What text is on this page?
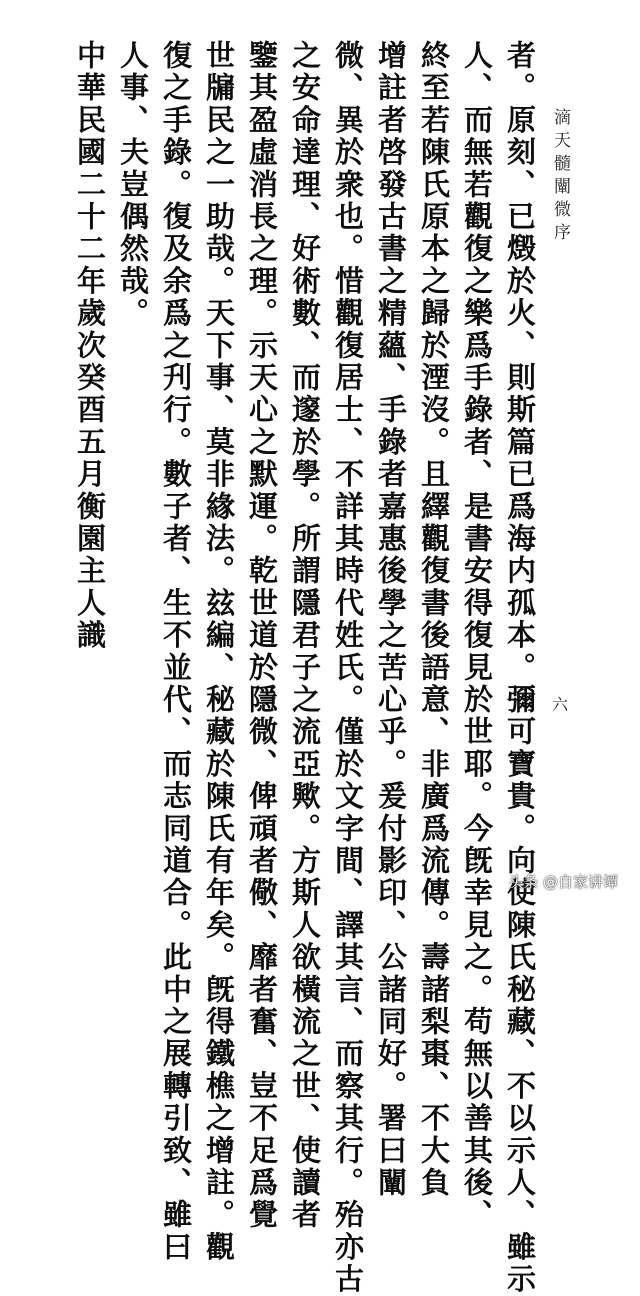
滴天髓闡微序
六
者。原刻、已燬於火、則斯篇已爲海内孤本。彌可寶貴。向使陳氏秘藏、不以示人、雖示
人、而無若觀復之樂爲手錄者、是書安得復見於世耶。今旣幸見之。苟無以善其後、
終至若陳氏原本之歸於湮沒。且繹觀復書後語意、非廣爲流傳。壽諸梨棗、不大負
增註者啓發古書之精蘊、手錄者嘉惠後學之苦心乎。爰付影印、公諸同好。署曰闡
微、異於衆也。惜觀復居士、不詳其時代姓氏。僅於文字間、譯其言、而察其行。殆亦古
之安命達理、好術數、而邃於學。所謂隱君子之流亞歟。方斯人欲橫流之世、使讀者
鑒其盈虛消長之理。示天心之默運。乾世道於隱微、俾頑者儆、靡者奮、豈不足爲覺
世牖民之一助哉。天下事、莫非緣法。玆編、秘藏於陳氏有年矣。旣得鐵樵之增註。觀
復之手錄。復及余爲之刋行。數子者、生不並代、而志同道合。此中之展轉引致、雖曰
人事、夫豈偶然哉。
中華民國二十二年歲次癸酉五月衡園主人識
头条 @自家讲谭
